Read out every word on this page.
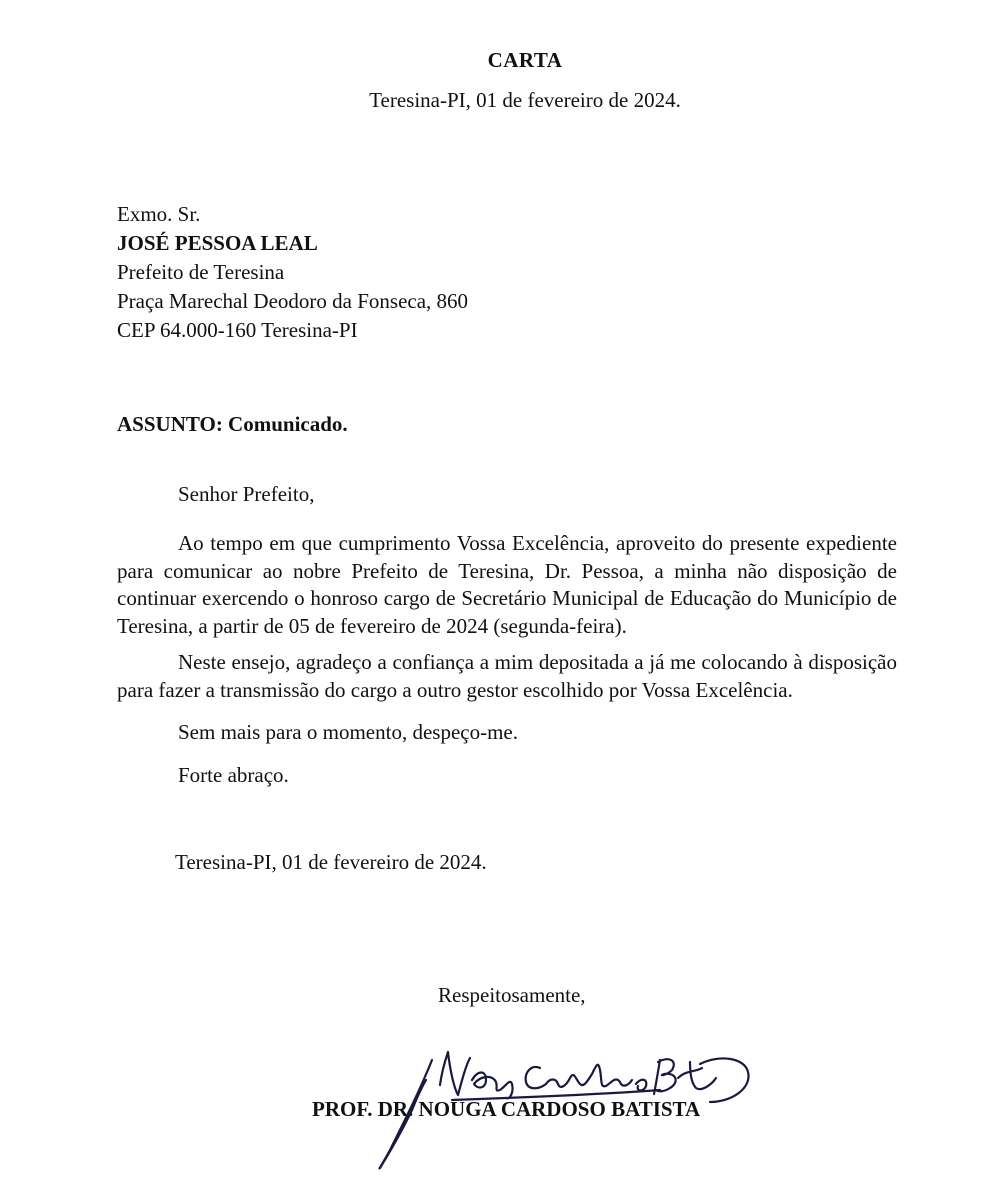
CARTA
Teresina-PI, 01 de fevereiro de 2024.
Exmo. Sr.
JOSÉ PESSOA LEAL
Prefeito de Teresina
Praça Marechal Deodoro da Fonseca, 860
CEP 64.000-160 Teresina-PI
ASSUNTO: Comunicado.
Senhor Prefeito,

Ao tempo em que cumprimento Vossa Excelência, aproveito do presente expediente para comunicar ao nobre Prefeito de Teresina, Dr. Pessoa, a minha não disposição de continuar exercendo o honroso cargo de Secretário Municipal de Educação do Município de Teresina, a partir de 05 de fevereiro de 2024 (segunda-feira).

Neste ensejo, agradeço a confiança a mim depositada a já me colocando à disposição para fazer a transmissão do cargo a outro gestor escolhido por Vossa Excelência.

Sem mais para o momento, despeço-me.
Forte abraço.
Teresina-PI, 01 de fevereiro de 2024.
Respeitosamente,
PROF. DR. NOUGA CARDOSO BATISTA
